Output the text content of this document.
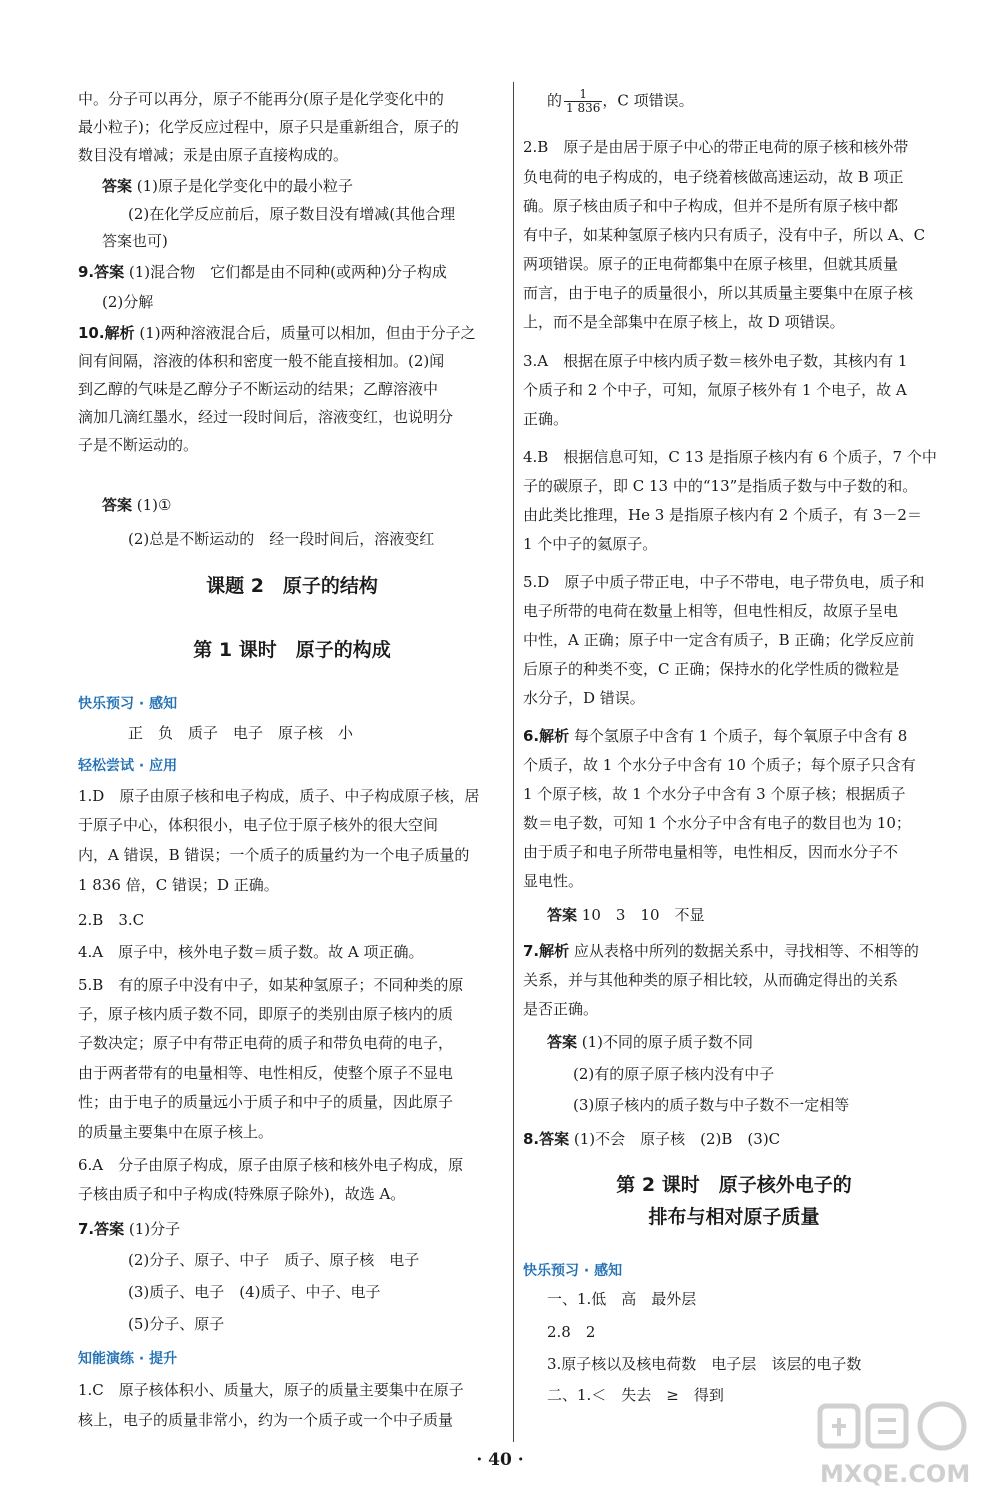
中。分子可以再分，原子不能再分(原子是化学变化中的
最小粒子)；化学反应过程中，原子只是重新组合，原子的
数目没有增减；汞是由原子直接构成的。
答案 (1)原子是化学变化中的最小粒子
(2)在化学反应前后，原子数目没有增减(其他合理
答案也可)
9.答案 (1)混合物　它们都是由不同种(或两种)分子构成
(2)分解
10.解析 (1)两种溶液混合后，质量可以相加，但由于分子之
间有间隔，溶液的体积和密度一般不能直接相加。(2)闻
到乙醇的气味是乙醇分子不断运动的结果；乙醇溶液中
滴加几滴红墨水，经过一段时间后，溶液变红，也说明分
子是不断运动的。
答案 (1)①
(2)总是不断运动的　经一段时间后，溶液变红
课题 2　原子的结构
第 1 课时　原子的构成
快乐预习 · 感知
正　负　质子　电子　原子核　小
轻松尝试 · 应用
1.D　原子由原子核和电子构成，质子、中子构成原子核，居
于原子中心，体积很小，电子位于原子核外的很大空间
内，A 错误，B 错误；一个质子的质量约为一个电子质量的
1 836 倍，C 错误；D 正确。
2.B　3.C
4.A　原子中，核外电子数＝质子数。故 A 项正确。
5.B　有的原子中没有中子，如某种氢原子；不同种类的原
子，原子核内质子数不同，即原子的类别由原子核内的质
子数决定；原子中有带正电荷的质子和带负电荷的电子，
由于两者带有的电量相等、电性相反，使整个原子不显电
性；由于电子的质量远小于质子和中子的质量，因此原子
的质量主要集中在原子核上。
6.A　分子由原子构成，原子由原子核和核外电子构成，原
子核由质子和中子构成(特殊原子除外)，故选 A。
7.答案 (1)分子
(2)分子、原子、中子　质子、原子核　电子
(3)质子、电子　(4)质子、中子、电子
(5)分子、原子
知能演练 · 提升
1.C　原子核体积小、质量大，原子的质量主要集中在原子
核上，电子的质量非常小，约为一个质子或一个中子质量
的 $\frac{1}{1 836}$ ，C 项错误。
2.B　原子是由居于原子中心的带正电荷的原子核和核外带
负电荷的电子构成的，电子绕着核做高速运动，故 B 项正
确。原子核由质子和中子构成，但并不是所有原子核中都
有中子，如某种氢原子核内只有质子，没有中子，所以 A、C
两项错误。原子的正电荷都集中在原子核里，但就其质量
而言，由于电子的质量很小，所以其质量主要集中在原子核
上，而不是全部集中在原子核上，故 D 项错误。
3.A　根据在原子中核内质子数＝核外电子数，其核内有 1
个质子和 2 个中子，可知，氚原子核外有 1 个电子，故 A
正确。
4.B　根据信息可知，C 13 是指原子核内有 6 个质子，7 个中
子的碳原子，即 C 13 中的“13”是指质子数与中子数的和。
由此类比推理，He 3 是指原子核内有 2 个质子，有 3－2＝
1 个中子的氦原子。
5.D　原子中质子带正电，中子不带电，电子带负电，质子和
电子所带的电荷在数量上相等，但电性相反，故原子呈电
中性，A 正确；原子中一定含有质子，B 正确；化学反应前
后原子的种类不变，C 正确；保持水的化学性质的微粒是
水分子，D 错误。
6.解析 每个氢原子中含有 1 个质子，每个氧原子中含有 8
个质子，故 1 个水分子中含有 10 个质子；每个原子只含有
1 个原子核，故 1 个水分子中含有 3 个原子核；根据质子
数＝电子数，可知 1 个水分子中含有电子的数目也为 10；
由于质子和电子所带电量相等，电性相反，因而水分子不
显电性。
答案 10　3　10　不显
7.解析 应从表格中所列的数据关系中，寻找相等、不相等的
关系，并与其他种类的原子相比较，从而确定得出的关系
是否正确。
答案 (1)不同的原子质子数不同
(2)有的原子原子核内没有中子
(3)原子核内的质子数与中子数不一定相等
8.答案 (1)不会　原子核　(2)B　(3)C
第 2 课时　原子核外电子的
排布与相对原子质量
快乐预习 · 感知
一、1.低　高　最外层
2.8　2
3.原子核以及核电荷数　电子层　该层的电子数
二、1.＜　失去　≥　得到
· 40 ·	MXQE.COM
